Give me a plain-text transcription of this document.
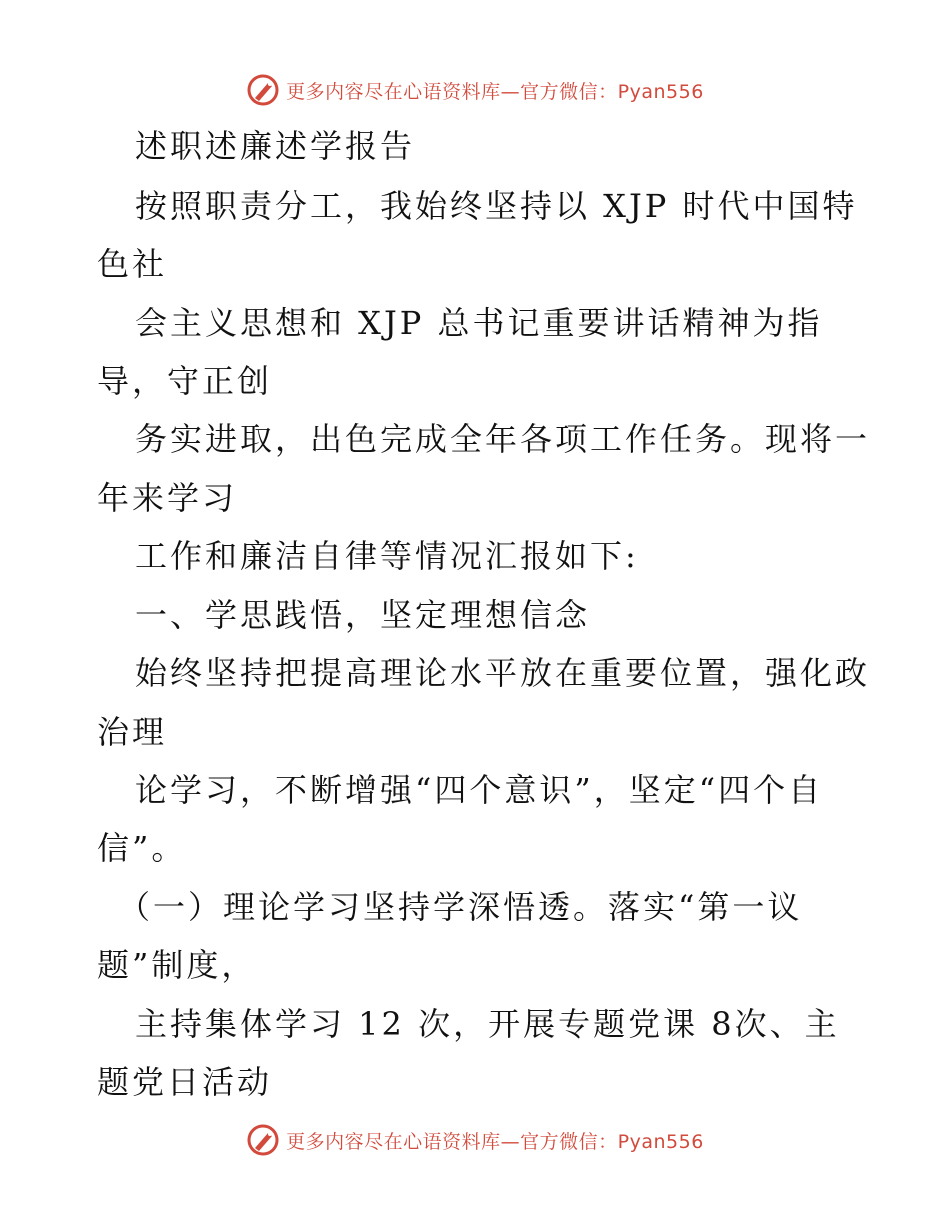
更多内容尽在心语资料库—官方微信：Pyan556
述职述廉述学报告
按照职责分工，我始终坚持以 XJP 时代中国特
色社
会主义思想和 XJP 总书记重要讲话精神为指
导，守正创
务实进取，出色完成全年各项工作任务。现将一
年来学习
工作和廉洁自律等情况汇报如下:
一、学思践悟，坚定理想信念
始终坚持把提高理论水平放在重要位置，强化政
治理
论学习，不断增强“四个意识”，坚定“四个自
信”。
（一）理论学习坚持学深悟透。落实“第一议
题”制度，
主持集体学习 12 次，开展专题党课 8次、主
题党日活动
更多内容尽在心语资料库—官方微信：Pyan556
